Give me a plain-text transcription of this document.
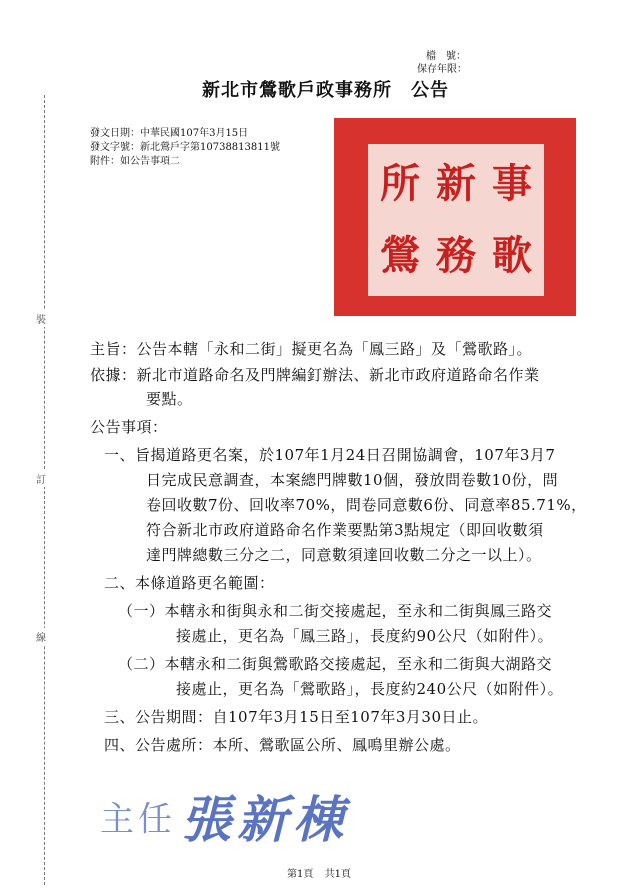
裝
訂
線
檔　號：
保存年限：
新北市鶯歌戶政事務所　公告
發文日期：中華民國107年3月15日
發文字號：新北鶯戶字第10738813811號
附件：如公告事項二	所 新 事
鶯 務 歌
主旨：公告本轄「永和二街」擬更名為「鳳三路」及「鶯歌路」。
依據：新北市道路命名及門牌編釘辦法、新北市政府道路命名作業
要點。
公告事項：
一、旨揭道路更名案，於107年1月24日召開協調會，107年3月7
日完成民意調查，本案總門牌數10個，發放問卷數10份，問
卷回收數7份、回收率70%，問卷同意數6份、同意率85.71%，
符合新北市政府道路命名作業要點第3點規定（即回收數須
達門牌總數三分之二，同意數須達回收數二分之一以上）。
二、本條道路更名範圍：
（一）本轄永和街與永和二街交接處起，至永和二街與鳳三路交
接處止，更名為「鳳三路」，長度約90公尺（如附件）。
（二）本轄永和二街與鶯歌路交接處起，至永和二街與大湖路交
接處止，更名為「鶯歌路」，長度約240公尺（如附件）。
三、公告期間：自107年3月15日至107年3月30日止。
四、公告處所：本所、鶯歌區公所、鳳鳴里辦公處。
主任 張新棟
第1頁 共1頁
